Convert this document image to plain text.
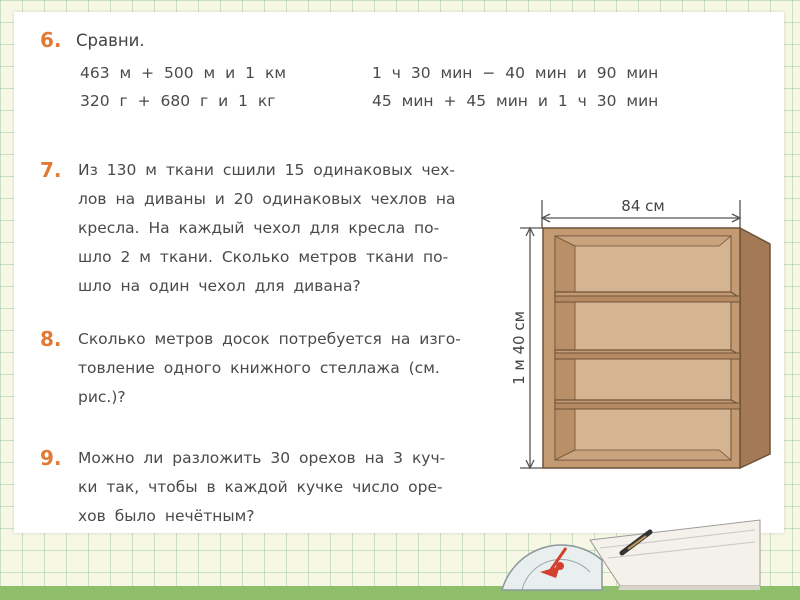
6. Сравни.
463 м + 500 м и 1 км	1 ч 30 мин − 40 мин и 90 мин
320 г + 680 г и 1 кг	45 мин + 45 мин и 1 ч 30 мин
7. Из 130 м ткани сшили 15 одинаковых чех-
лов на диваны и 20 одинаковых чехлов на
кресла. На каждый чехол для кресла по-
шло 2 м ткани. Сколько метров ткани по-
шло на один чехол для дивана?
8. Сколько метров досок потребуется на изго-
товление одного книжного стеллажа (см.
рис.)?
9. Можно ли разложить 30 орехов на 3 куч-
ки так, чтобы в каждой кучке число оре-
хов было нечётным?
84 см
1 м 40 см
